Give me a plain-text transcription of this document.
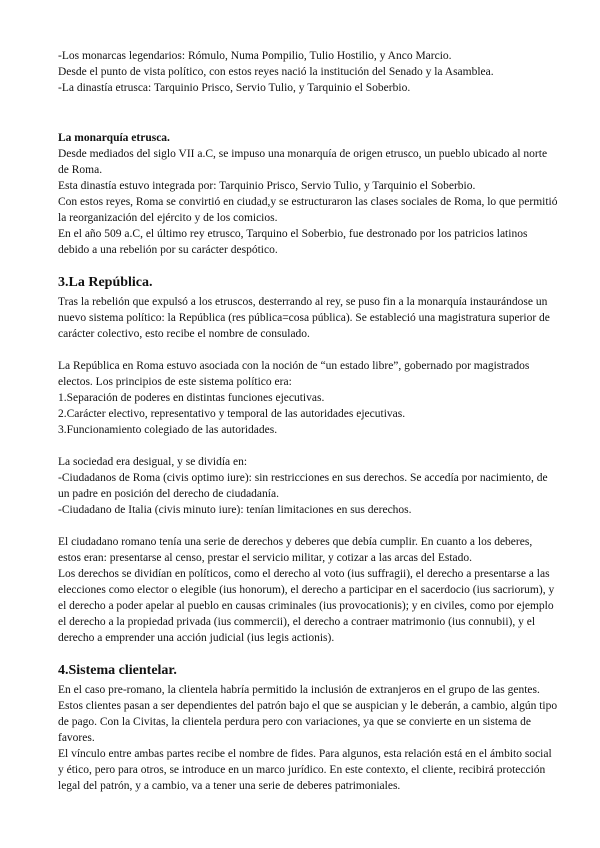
-Los monarcas legendarios: Rómulo, Numa Pompilio, Tulio Hostilio, y Anco Marcio.

Desde el punto de vista político, con estos reyes nació la institución del Senado y la Asamblea.

-La dinastía etrusca: Tarquinio Prisco, Servio Tulio, y Tarquinio el Soberbio.

La monarquía etrusca.

Desde mediados del siglo VII a.C, se impuso una monarquía de origen etrusco, un pueblo ubicado al norte de Roma.

Esta dinastía estuvo integrada por: Tarquinio Prisco, Servio Tulio, y Tarquinio el Soberbio.

Con estos reyes, Roma se convirtió en ciudad,y se estructuraron las clases sociales de Roma, lo que permitió la reorganización del ejército y de los comicios.

En el año 509 a.C, el último rey etrusco, Tarquino el Soberbio, fue destronado por los patricios latinos debido a una rebelión por su carácter despótico.

3.La República.

Tras la rebelión que expulsó a los etruscos, desterrando al rey, se puso fin a la monarquía instaurándose un nuevo sistema político: la República (res pública=cosa pública). Se estableció una magistratura superior de carácter colectivo, esto recibe el nombre de consulado.

La República en Roma estuvo asociada con la noción de “un estado libre”, gobernado por magistrados electos. Los principios de este sistema político era:

1.Separación de poderes en distintas funciones ejecutivas.

2.Carácter electivo, representativo y temporal de las autoridades ejecutivas.

3.Funcionamiento colegiado de las autoridades.

La sociedad era desigual, y se dividía en:

-Ciudadanos de Roma (civis optimo iure): sin restricciones en sus derechos. Se accedía por nacimiento, de un padre en posición del derecho de ciudadanía.

-Ciudadano de Italia (civis minuto iure): tenían limitaciones en sus derechos.

El ciudadano romano tenía una serie de derechos y deberes que debía cumplir. En cuanto a los deberes, estos eran: presentarse al censo, prestar el servicio militar, y cotizar a las arcas del Estado.

Los derechos se dividían en políticos, como el derecho al voto (ius suffragii), el derecho a presentarse a las elecciones como elector o elegible (ius honorum), el derecho a participar en el sacerdocio (ius sacriorum), y el derecho a poder apelar al pueblo en causas criminales (ius provocationis); y en civiles, como por ejemplo el derecho a la propiedad privada (ius commercii), el derecho a contraer matrimonio (ius connubii), y el derecho a emprender una acción judicial (ius legis actionis).

4.Sistema clientelar.

En el caso pre-romano, la clientela habría permitido la inclusión de extranjeros en el grupo de las gentes. Estos clientes pasan a ser dependientes del patrón bajo el que se auspician y le deberán, a cambio, algún tipo de pago. Con la Civitas, la clientela perdura pero con variaciones, ya que se convierte en un sistema de favores.

El vínculo entre ambas partes recibe el nombre de fides. Para algunos, esta relación está en el ámbito social y ético, pero para otros, se introduce en un marco jurídico. En este contexto, el cliente, recibirá protección legal del patrón, y a cambio, va a tener una serie de deberes patrimoniales.
